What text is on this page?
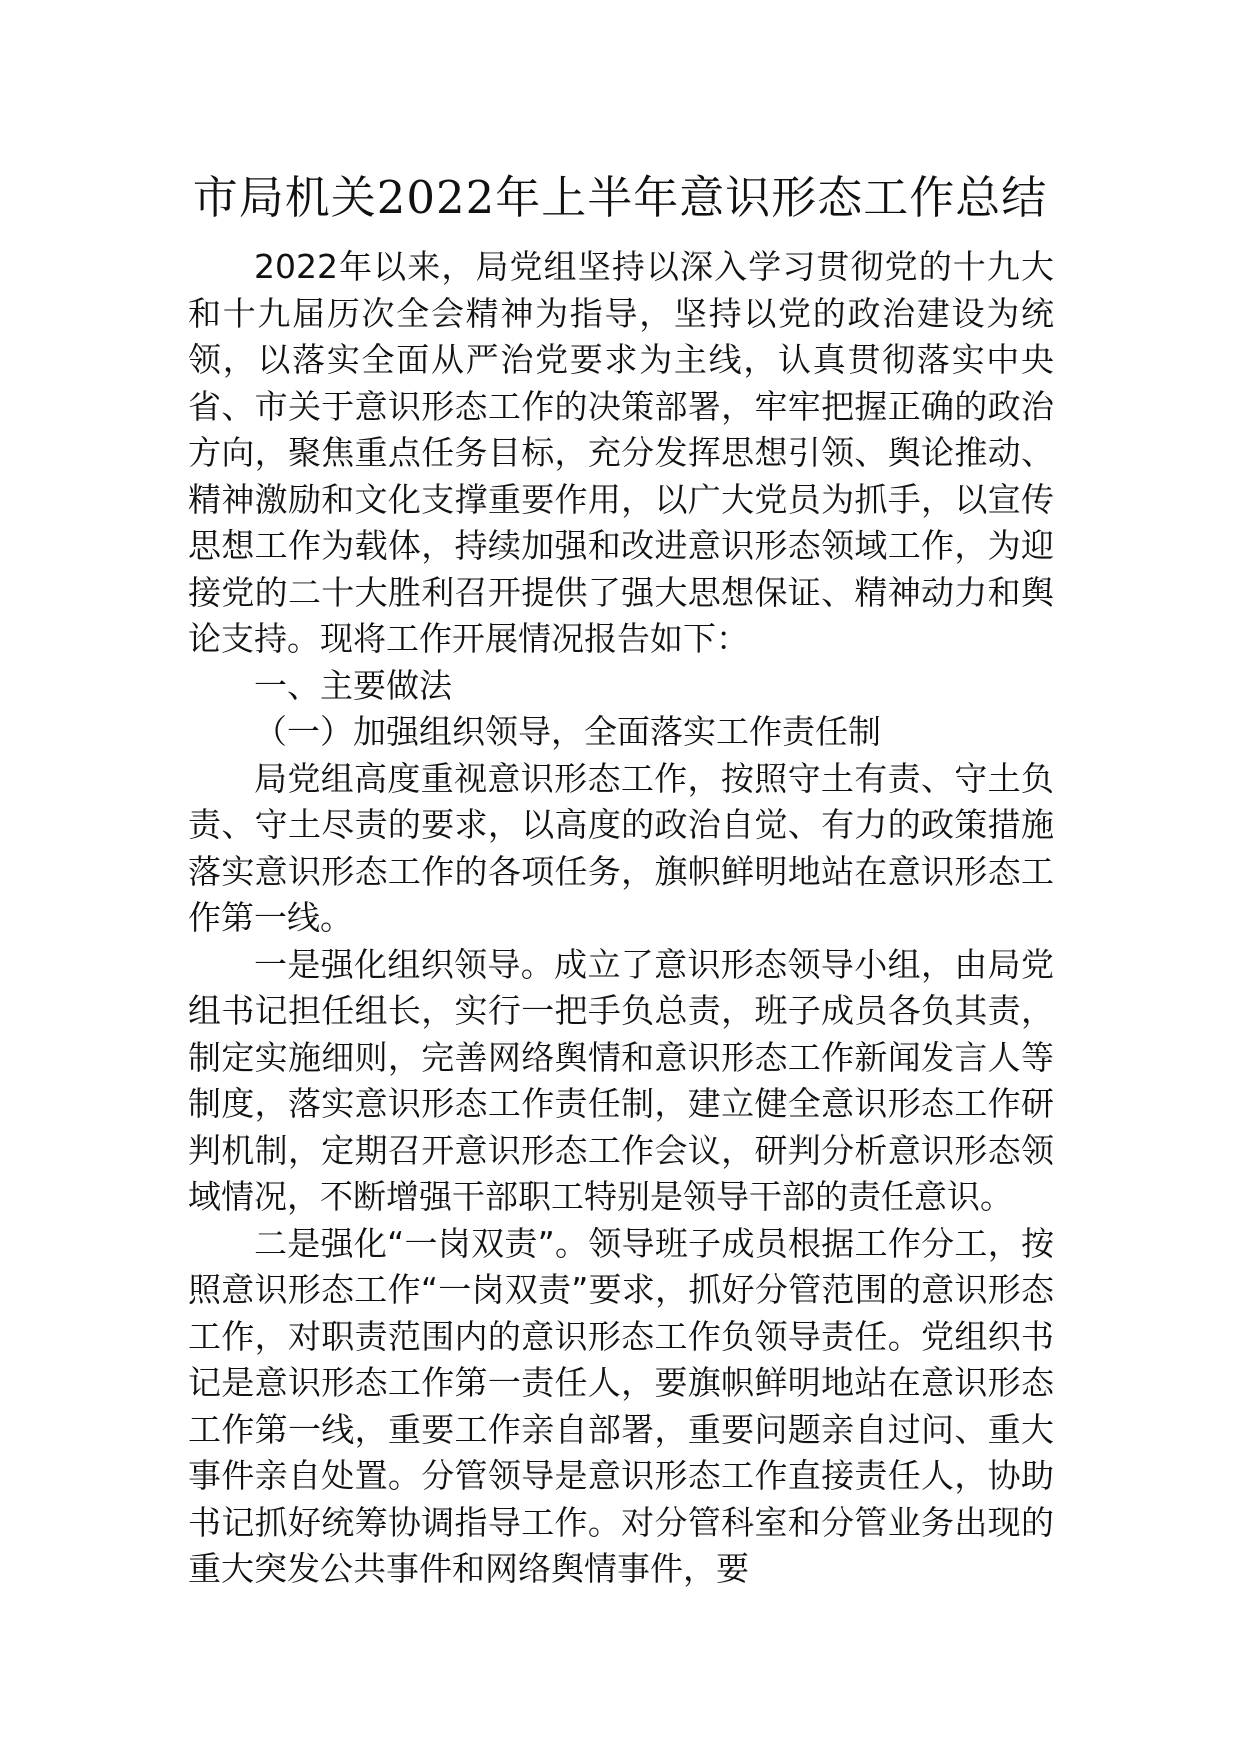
市局机关2022年上半年意识形态工作总结

2022年以来，局党组坚持以深入学习贯彻党的十九大和十九届历次全会精神为指导，坚持以党的政治建设为统领，以落实全面从严治党要求为主线，认真贯彻落实中央省、市关于意识形态工作的决策部署，牢牢把握正确的政治方向，聚焦重点任务目标，充分发挥思想引领、舆论推动、精神激励和文化支撑重要作用，以广大党员为抓手，以宣传思想工作为载体，持续加强和改进意识形态领域工作，为迎接党的二十大胜利召开提供了强大思想保证、精神动力和舆论支持。现将工作开展情况报告如下：

一、主要做法

（一）加强组织领导，全面落实工作责任制

局党组高度重视意识形态工作，按照守土有责、守土负责、守土尽责的要求，以高度的政治自觉、有力的政策措施落实意识形态工作的各项任务，旗帜鲜明地站在意识形态工作第一线。

一是强化组织领导。成立了意识形态领导小组，由局党组书记担任组长，实行一把手负总责，班子成员各负其责，制定实施细则，完善网络舆情和意识形态工作新闻发言人等制度，落实意识形态工作责任制，建立健全意识形态工作研判机制，定期召开意识形态工作会议，研判分析意识形态领域情况，不断增强干部职工特别是领导干部的责任意识。

二是强化“一岗双责”。领导班子成员根据工作分工，按照意识形态工作“一岗双责”要求，抓好分管范围的意识形态工作，对职责范围内的意识形态工作负领导责任。党组织书记是意识形态工作第一责任人，要旗帜鲜明地站在意识形态工作第一线，重要工作亲自部署，重要问题亲自过问、重大事件亲自处置。分管领导是意识形态工作直接责任人，协助书记抓好统筹协调指导工作。对分管科室和分管业务出现的重大突发公共事件和网络舆情事件，要
